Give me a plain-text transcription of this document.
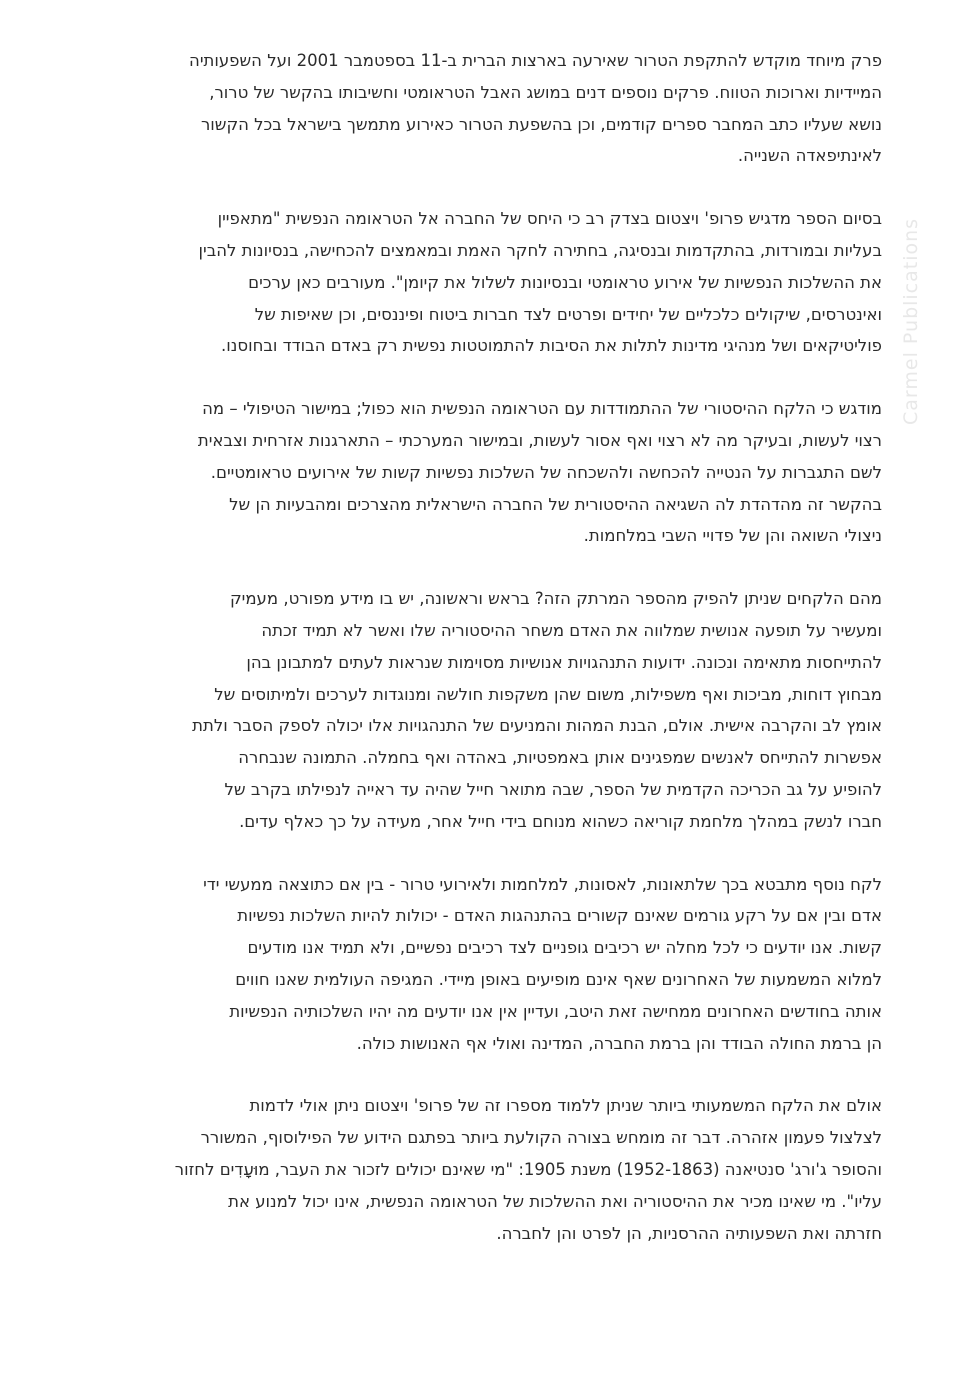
Carmel Publications

פרק מיוחד מוקדש להתקפת הטרור שאירעה בארצות הברית ב-11 בספטמבר 2001 ועל השפעותיה
המיידיות וארוכות הטווח. פרקים נוספים דנים במושג האבל הטראומטי וחשיבותו בהקשר של טרור,
נושא שעליו כתב המחבר ספרים קודמים, וכן בהשפעת הטרור כאירוע מתמשך בישראל בכל הקשור
לאינתיפאדה השנייה.

בסיום הספר מדגיש פרופ' ויצטום בצדק רב כי היחס של החברה אל הטראומה הנפשית "מתאפיין
בעליות ובמורדות, בהתקדמות ובנסיגה, בחתירה לחקר האמת ובמאמצים להכחישה, בנסיונות להבין
את ההשלכות הנפשיות של אירוע טראומטי ובנסיונות לשלול את קיומן". מעורבים כאן ערכים
ואינטרסים, שיקולים כלכליים של יחידים ופרטים לצד חברות ביטוח ופיננסים, וכן שאיפות של
פוליטיקאים ושל מנהיגי מדינות לתלות את הסיבות להתמוטטות נפשית רק באדם הבודד ובחוסנו.

מודגש כי הלקח ההיסטורי של ההתמודדות עם הטראומה הנפשית הוא כפול; במישור הטיפולי – מה
רצוי לעשות, ובעיקר מה לא רצוי ואף אסור לעשות, ובמישור המערכתי – התארגנות אזרחית וצבאית
לשם התגברות על הנטייה להכחשה ולהשכחה של השלכות נפשיות קשות של אירועים טראומטיים.
בהקשר זה מהדהדת לה השגיאה ההיסטורית של החברה הישראלית מהצרכים ומהבעיות הן של
ניצולי השואה והן של פדויי השבי במלחמות.

מהם הלקחים שניתן להפיק מהספר המרתק הזה? בראש וראשונה, יש בו מידע מפורט, מעמיק
ומעשיר על תופעה אנושית שמלווה את האדם משחר ההיסטוריה שלו ואשר לא תמיד זכתה
להתייחסות מתאימה ונכונה. ידועות התנהגויות אנושיות מסוימות שנראות לעתים למתבונן בהן
מבחוץ דוחות, מביכות ואף משפילות, משום שהן משקפות חולשה ומנוגדות לערכים ולמיתוסים של
אומץ לב והקרבה אישית. אולם, הבנת המהות והמניעים של התנהגויות אלו יכולה לספק הסבר ולתת
אפשרות להתייחס לאנשים שמפגינים אותן באמפטיות, באהדה ואף בחמלה. התמונה שנבחרה
להופיע על גב הכריכה הקדמית של הספר, שבה מתואר חייל שהיה עד ראייה לנפילתו בקרב של
חברו לנשק במהלך מלחמת קוריאה כשהוא מנוחם בידי חייל אחר, מעידה על כך כאלף עדים.

לקח נוסף מתבטא בכך שלתאונות, לאסונות, למלחמות ולאירועי טרור - בין אם כתוצאה ממעשי ידי
אדם ובין אם על רקע גורמים שאינם קשורים בהתנהגות האדם - יכולות להיות השלכות נפשיות
קשות. אנו יודעים כי לכל מחלה יש רכיבים גופניים לצד רכיבים נפשיים, ולא תמיד אנו מודעים
למלוא המשמעות של האחרונים שאף אינם מופיעים באופן מיידי. המגיפה העולמית שאנו חווים
אותה בחודשים האחרונים ממחישה זאת היטב, ועדיין אין אנו יודעים מה יהיו השלכותיה הנפשיות
הן ברמת החולה הבודד והן ברמת החברה, המדינה ואולי אף האנושות כולה.

אולם את הלקח המשמעותי ביותר שניתן ללמוד מספרו זה של פרופ' ויצטום ניתן אולי לדמות
לצלצול פעמון אזהרה. דבר זה מומחש בצורה הקולעת ביותר בפתגם הידוע של הפילוסוף, המשורר
והסופר ג'ורג' סנטיאנה (1952-1863) משנת 1905: "מי שאינם יכולים לזכור את העבר, מוּעָדִים לחזור
עליו". מי שאינו מכיר את ההיסטוריה ואת ההשלכות של הטראומה הנפשית, אינו יכול למנוע את
חזרתה ואת השפעותיה ההרסניות, הן לפרט והן לחברה.
